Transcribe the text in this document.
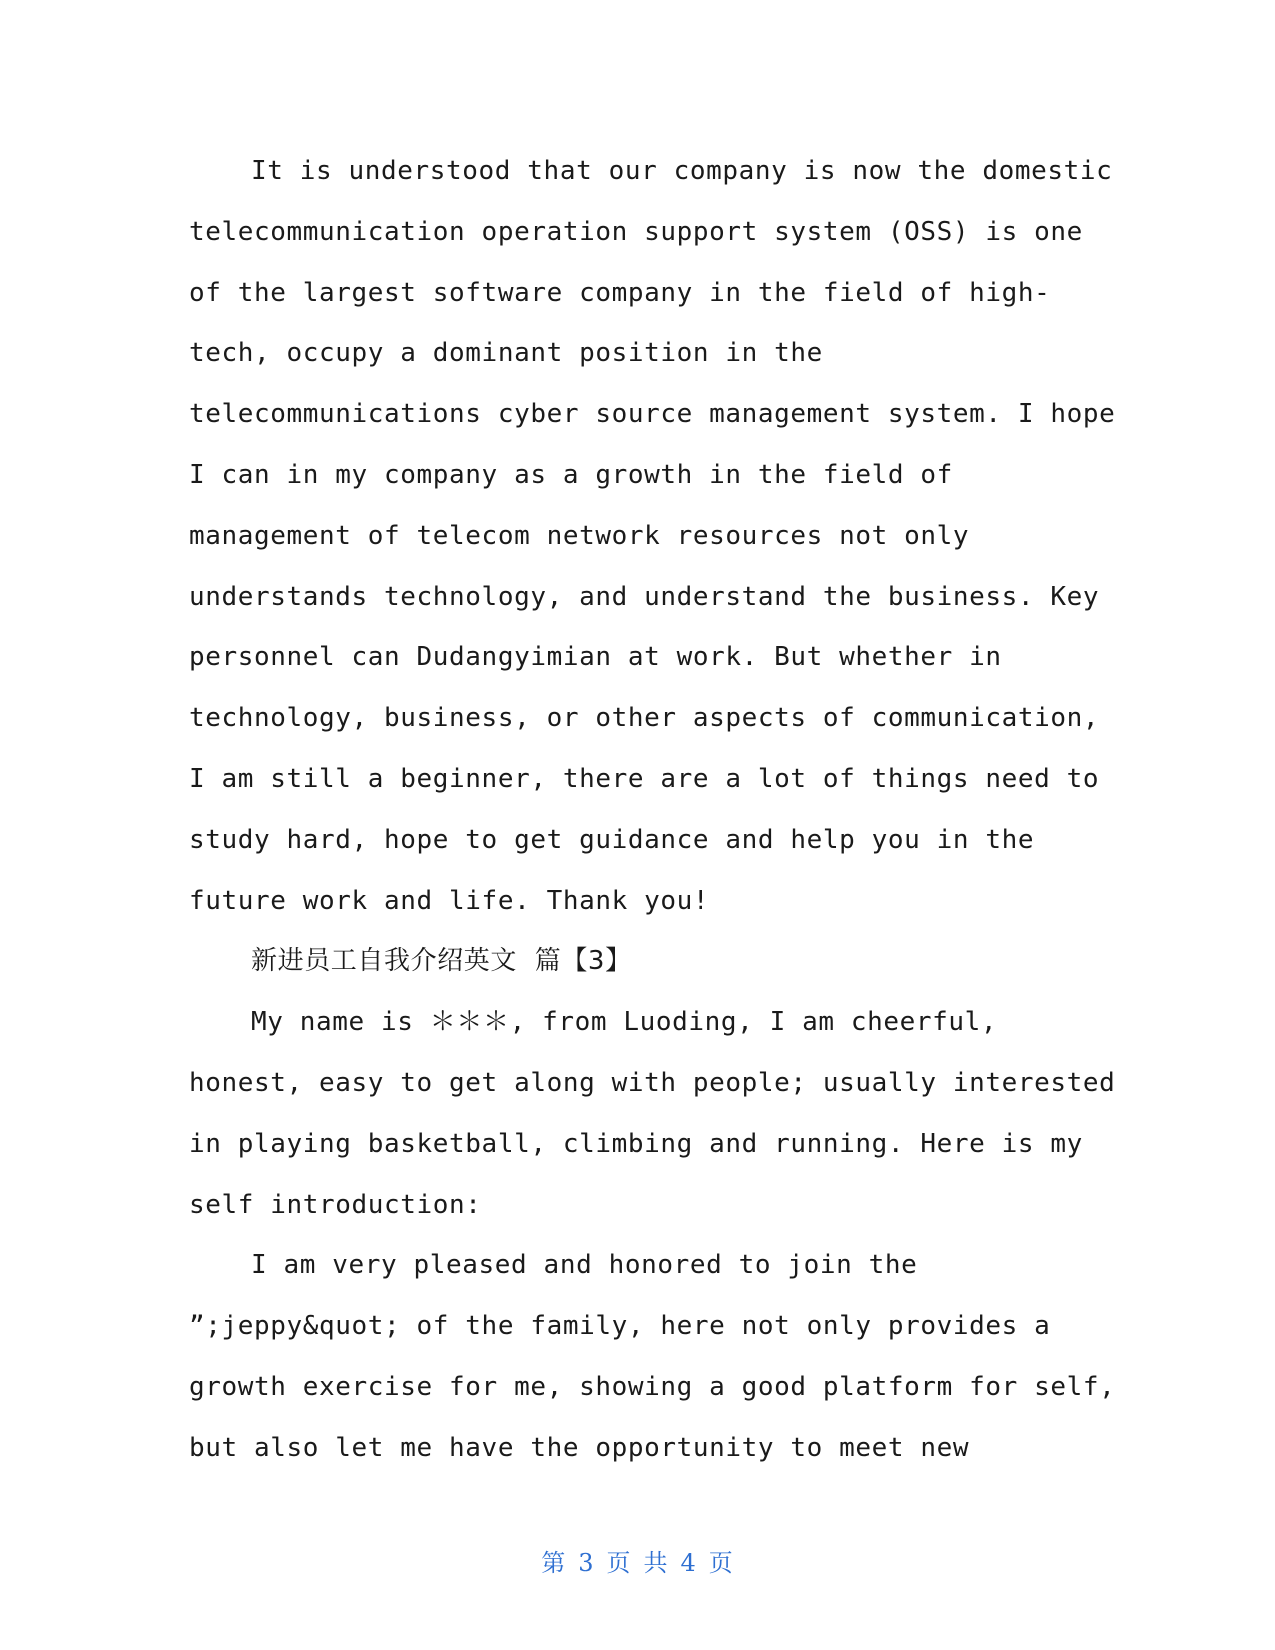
It is understood that our company is now the domestic
telecommunication operation support system (OSS) is one
of the largest software company in the field of high-
tech, occupy a dominant position in the
telecommunications cyber source management system. I hope
I can in my company as a growth in the field of
management of telecom network resources not only
understands technology, and understand the business. Key
personnel can Dudangyimian at work. But whether in
technology, business, or other aspects of communication,
I am still a beginner, there are a lot of things need to
study hard, hope to get guidance and help you in the
future work and life. Thank you!
新进员工自我介绍英文  篇【3】
My name is ＊＊＊, from Luoding, I am cheerful,
honest, easy to get along with people; usually interested
in playing basketball, climbing and running. Here is my
self introduction:
I am very pleased and honored to join the
”;jeppy&quot; of the family, here not only provides a
growth exercise for me, showing a good platform for self,
but also let me have the opportunity to meet new
第 3 页 共 4 页
